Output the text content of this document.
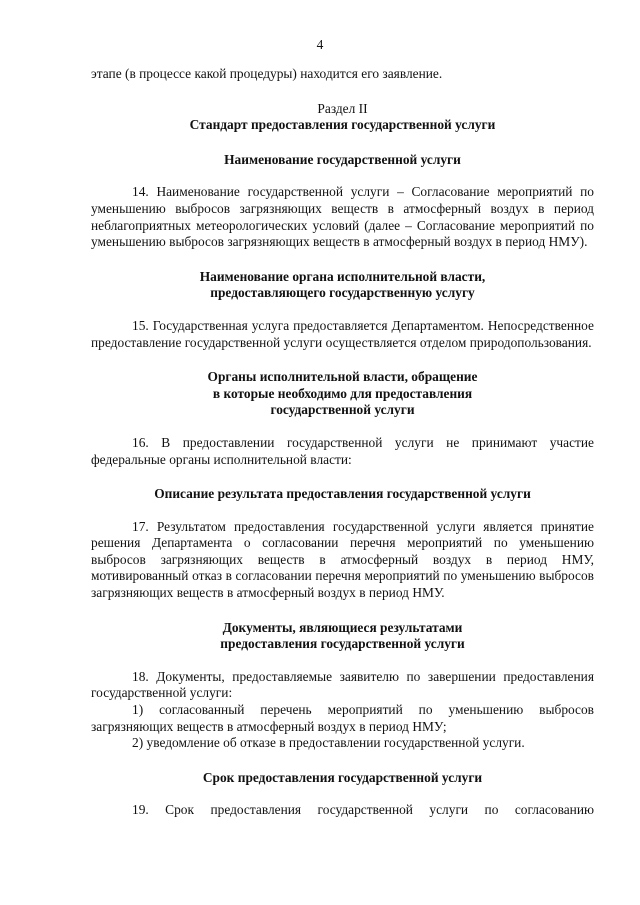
4

этапе (в процессе какой процедуры) находится его заявление.

Раздел II

Стандарт предоставления государственной услуги

Наименование государственной услуги

14. Наименование государственной услуги – Согласование мероприятий по уменьшению выбросов загрязняющих веществ в атмосферный воздух в период неблагоприятных метеорологических условий (далее – Согласование мероприятий по уменьшению выбросов загрязняющих веществ в атмосферный воздух в период НМУ).

Наименование органа исполнительной власти,

предоставляющего государственную услугу

15. Государственная услуга предоставляется Департаментом. Непосредственное предоставление государственной услуги осуществляется отделом природопользования.

Органы исполнительной власти, обращение

в которые необходимо для предоставления

государственной услуги

16. В предоставлении государственной услуги не принимают участие федеральные органы исполнительной власти:

Описание результата предоставления государственной услуги

17. Результатом предоставления государственной услуги является принятие решения Департамента о согласовании перечня мероприятий по уменьшению выбросов загрязняющих веществ в атмосферный воздух в период НМУ, мотивированный отказ в согласовании перечня мероприятий по уменьшению выбросов загрязняющих веществ в атмосферный воздух в период НМУ.

Документы, являющиеся результатами

предоставления государственной услуги

18. Документы, предоставляемые заявителю по завершении предоставления государственной услуги:

1) согласованный перечень мероприятий по уменьшению выбросов загрязняющих веществ в атмосферный воздух в период НМУ;

2) уведомление об отказе в предоставлении государственной услуги.

Срок предоставления государственной услуги

19. Срок предоставления государственной услуги по согласованию
